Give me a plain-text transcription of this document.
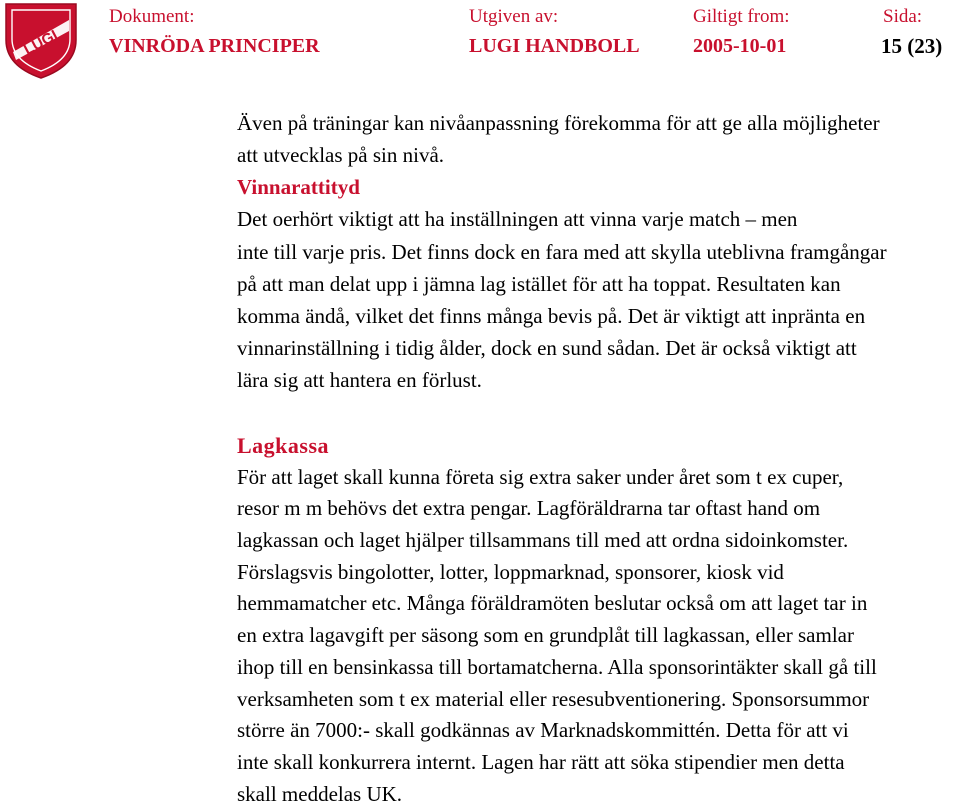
LUGI
Dokument:
VINRÖDA PRINCIPER
Utgiven av:
LUGI HANDBOLL
Giltigt from:
2005-10-01
Sida:
15 (23)

Även på träningar kan nivåanpassning förekomma för att ge alla möjligheter

att utvecklas på sin nivå.

Vinnarattityd

Det oerhört viktigt att ha inställningen att vinna varje match – men

inte till varje pris. Det finns dock en fara med att skylla uteblivna framgångar

på att man delat upp i jämna lag istället för att ha toppat. Resultaten kan

komma ändå, vilket det finns många bevis på. Det är viktigt att inpränta en

vinnarinställning i tidig ålder, dock en sund sådan. Det är också viktigt att

lära sig att hantera en förlust.

Lagkassa

För att laget skall kunna företa sig extra saker under året som t ex cuper,

resor m m behövs det extra pengar. Lagföräldrarna tar oftast hand om

lagkassan och laget hjälper tillsammans till med att ordna sidoinkomster.

Förslagsvis bingolotter, lotter, loppmarknad, sponsorer, kiosk vid

hemmamatcher etc. Många föräldramöten beslutar också om att laget tar in

en extra lagavgift per säsong som en grundplåt till lagkassan, eller samlar

ihop till en bensinkassa till bortamatcherna. Alla sponsorintäkter skall gå till

verksamheten som t ex material eller resesubventionering. Sponsorsummor

större än 7000:- skall godkännas av Marknadskommittén. Detta för att vi

inte skall konkurrera internt. Lagen har rätt att söka stipendier men detta

skall meddelas UK.
